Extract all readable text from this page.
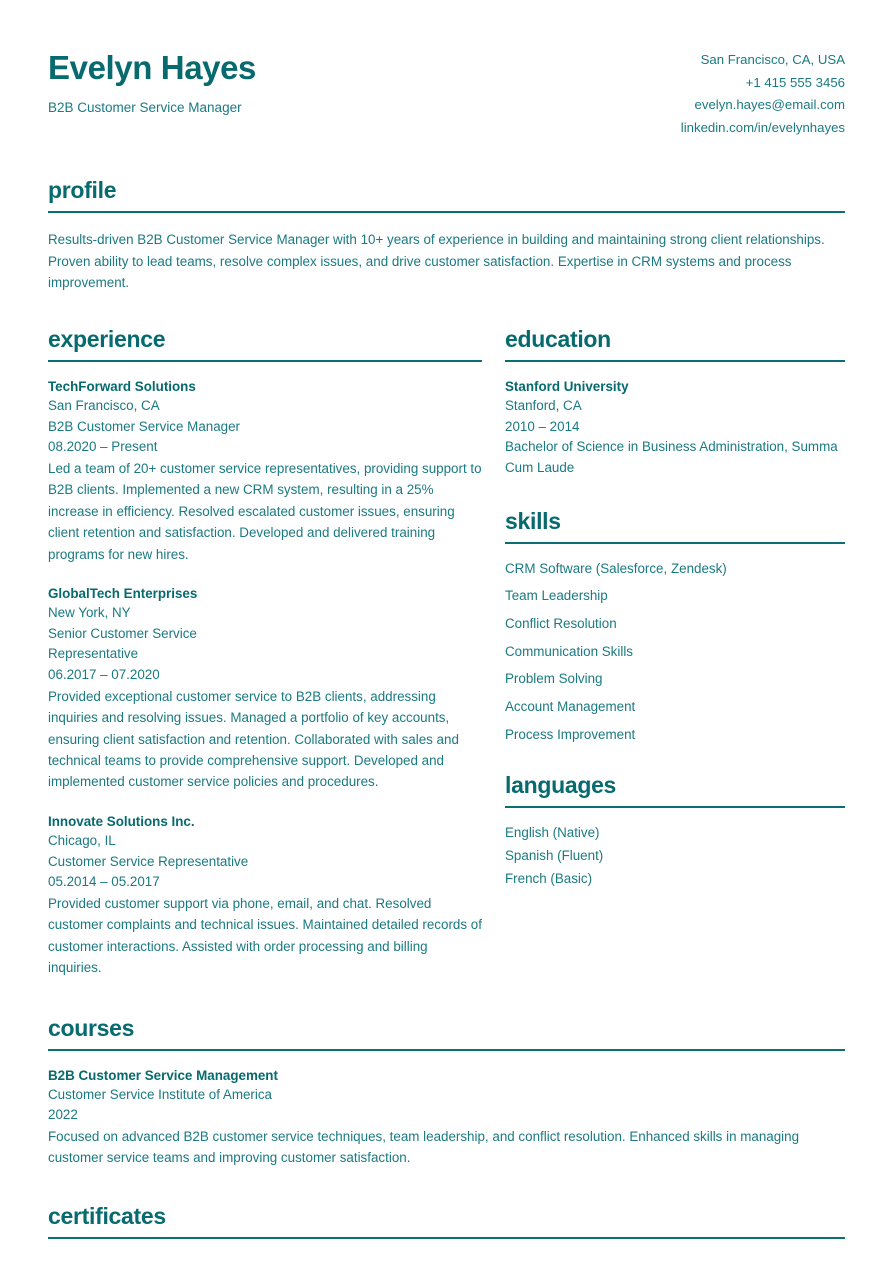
Evelyn Hayes
B2B Customer Service Manager
San Francisco, CA, USA
+1 415 555 3456
evelyn.hayes@email.com
linkedin.com/in/evelynhayes
profile
Results-driven B2B Customer Service Manager with 10+ years of experience in building and maintaining strong client relationships. Proven ability to lead teams, resolve complex issues, and drive customer satisfaction. Expertise in CRM systems and process improvement.
experience
TechForward Solutions
San Francisco, CA
B2B Customer Service Manager
08.2020 – Present
Led a team of 20+ customer service representatives, providing support to B2B clients. Implemented a new CRM system, resulting in a 25% increase in efficiency. Resolved escalated customer issues, ensuring client retention and satisfaction. Developed and delivered training programs for new hires.
GlobalTech Enterprises
New York, NY
Senior Customer Service Representative
06.2017 – 07.2020
Provided exceptional customer service to B2B clients, addressing inquiries and resolving issues. Managed a portfolio of key accounts, ensuring client satisfaction and retention. Collaborated with sales and technical teams to provide comprehensive support. Developed and implemented customer service policies and procedures.
Innovate Solutions Inc.
Chicago, IL
Customer Service Representative
05.2014 – 05.2017
Provided customer support via phone, email, and chat. Resolved customer complaints and technical issues. Maintained detailed records of customer interactions. Assisted with order processing and billing inquiries.
education
Stanford University
Stanford, CA
2010 – 2014
Bachelor of Science in Business Administration, Summa Cum Laude
skills
CRM Software (Salesforce, Zendesk)
Team Leadership
Conflict Resolution
Communication Skills
Problem Solving
Account Management
Process Improvement
languages
English (Native)
Spanish (Fluent)
French (Basic)
courses
B2B Customer Service Management
Customer Service Institute of America
2022
Focused on advanced B2B customer service techniques, team leadership, and conflict resolution. Enhanced skills in managing customer service teams and improving customer satisfaction.
certificates
